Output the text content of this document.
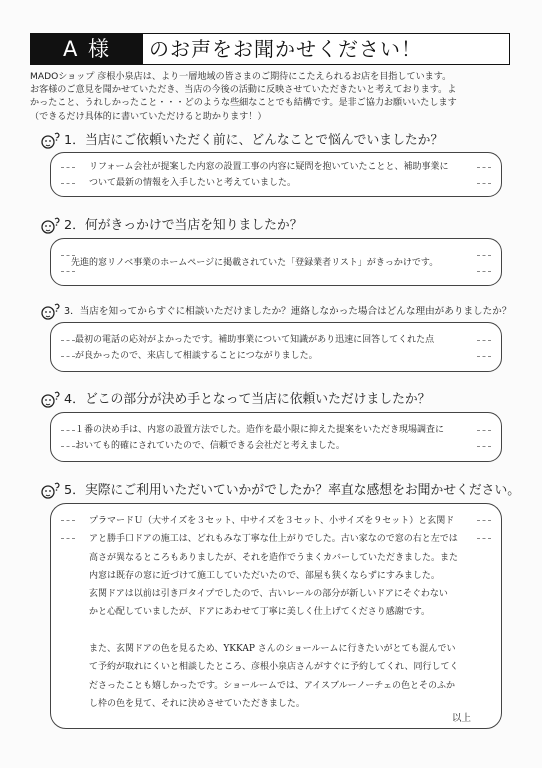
A 様	のお声をお聞かせください！
MADOショップ 彦根小泉店は、より一層地域の皆さまのご期待にこたえられるお店を目指しています。
お客様のご意見を聞かせていただき、当店の今後の活動に反映させていただきたいと考えております。よ
かったこと、うれしかったこと・・・どのような些細なことでも結構です。是非ご協力お願いいたします
（できるだけ具体的に書いていただけると助かります！）
1．当店にご依頼いただく前に、どんなことで悩んでいましたか？
リフォーム会社が提案した内窓の設置工事の内容に疑問を抱いていたことと、補助事業に
ついて最新の情報を入手したいと考えていました。
2．何がきっかけで当店を知りましたか？
先進的窓リノベ事業のホームページに掲載されていた「登録業者リスト」がきっかけです。
3．当店を知ってからすぐに相談いただけましたか？連絡しなかった場合はどんな理由がありましたか？
最初の電話の応対がよかったです。補助事業について知識があり迅速に回答してくれた点
が良かったので、来店して相談することにつながりました。
4．どこの部分が決め手となって当店に依頼いただけましたか？
１番の決め手は、内窓の設置方法でした。造作を最小限に抑えた提案をいただき現場調査に
おいても的確にされていたので、信頼できる会社だと考えました。
5．実際にご利用いただいていかがでしたか？率直な感想をお聞かせください。
プラマードＵ（大サイズを３セット、中サイズを３セット、小サイズを９セット）と玄関ド
アと勝手口ドアの施工は、どれもみな丁寧な仕上がりでした。古い家なので窓の右と左では
高さが異なるところもありましたが、それを造作でうまくカバーしていただきました。また
内窓は既存の窓に近づけて施工していただいたので、部屋も狭くならずにすみました。
玄関ドアは以前は引き戸タイプでしたので、古いレールの部分が新しいドアにそぐわない
かと心配していましたが、ドアにあわせて丁寧に美しく仕上げてくださり感謝です。

また、玄関ドアの色を見るため、YKKAP さんのショールームに行きたいがとても混んでい
て予約が取れにくいと相談したところ、彦根小泉店さんがすぐに予約してくれ、同行してく
ださったことも嬉しかったです。ショールームでは、アイスブルーノーチェの色とそのふか
し枠の色を見て、それに決めさせていただきました。
以上
